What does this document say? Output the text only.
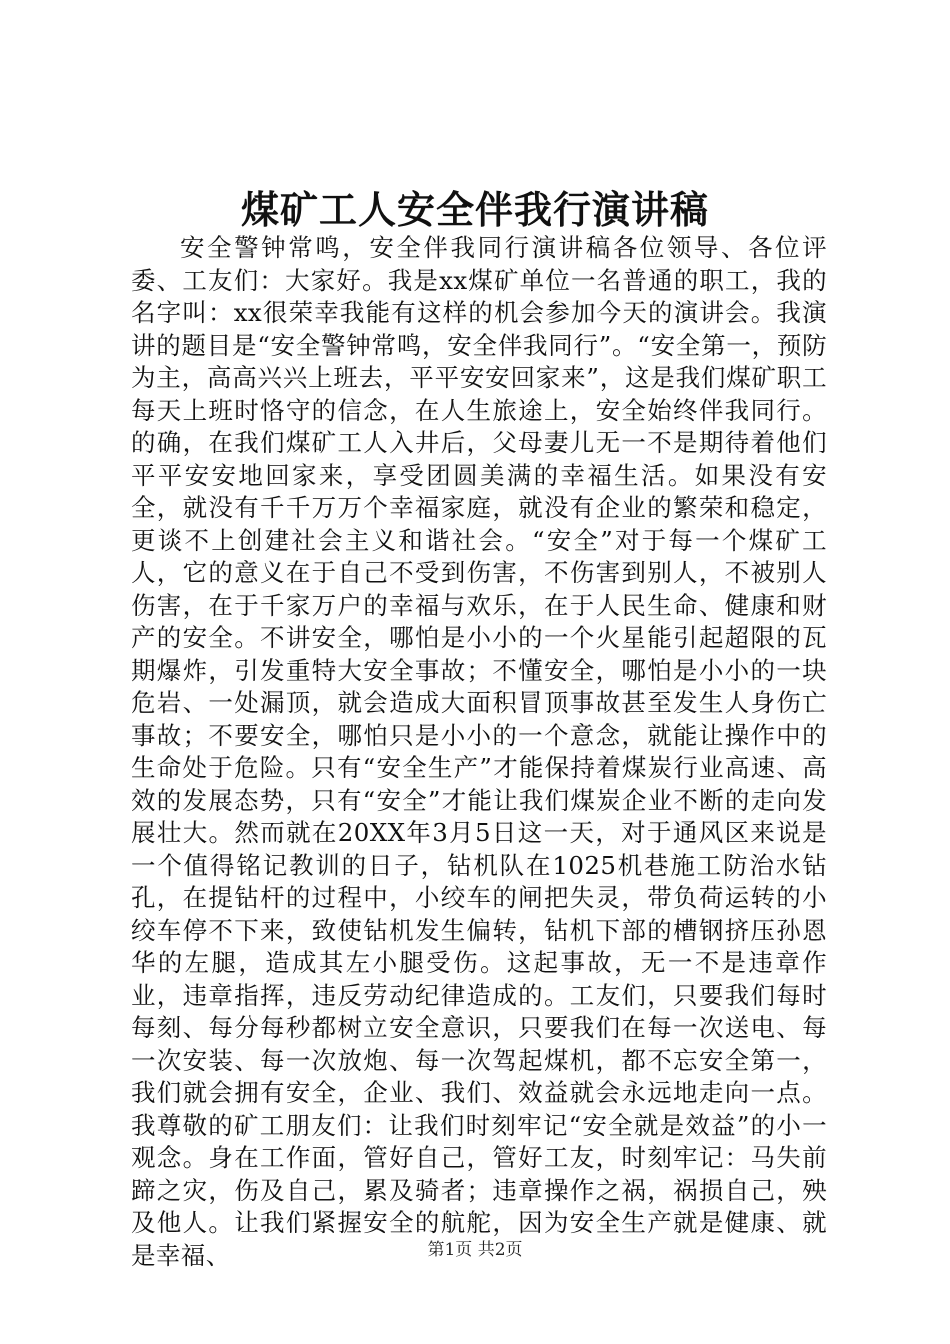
煤矿工人安全伴我行演讲稿

安全警钟常鸣，安全伴我同行演讲稿各位领导、各位评委、工友们：大家好。我是xx煤矿单位一名普通的职工，我的名字叫：xx很荣幸我能有这样的机会参加今天的演讲会。我演讲的题目是“安全警钟常鸣，安全伴我同行”。“安全第一，预防为主，高高兴兴上班去，平平安安回家来”，这是我们煤矿职工每天上班时恪守的信念，在人生旅途上，安全始终伴我同行。的确，在我们煤矿工人入井后，父母妻儿无一不是期待着他们平平安安地回家来，享受团圆美满的幸福生活。如果没有安全，就没有千千万万个幸福家庭，就没有企业的繁荣和稳定，更谈不上创建社会主义和谐社会。“安全”对于每一个煤矿工人，它的意义在于自己不受到伤害，不伤害到别人，不被别人伤害，在于千家万户的幸福与欢乐，在于人民生命、健康和财产的安全。不讲安全，哪怕是小小的一个火星能引起超限的瓦期爆炸，引发重特大安全事故；不懂安全，哪怕是小小的一块危岩、一处漏顶，就会造成大面积冒顶事故甚至发生人身伤亡事故；不要安全，哪怕只是小小的一个意念，就能让操作中的生命处于危险。只有“安全生产”才能保持着煤炭行业高速、高效的发展态势，只有“安全”才能让我们煤炭企业不断的走向发展壮大。然而就在20XX年3月5日这一天，对于通风区来说是一个值得铭记教训的日子，钻机队在1025机巷施工防治水钻孔，在提钻杆的过程中，小绞车的闸把失灵，带负荷运转的小绞车停不下来，致使钻机发生偏转，钻机下部的槽钢挤压孙恩华的左腿，造成其左小腿受伤。这起事故，无一不是违章作业，违章指挥，违反劳动纪律造成的。工友们，只要我们每时每刻、每分每秒都树立安全意识，只要我们在每一次送电、每一次安装、每一次放炮、每一次驾起煤机，都不忘安全第一，我们就会拥有安全，企业、我们、效益就会永远地走向一点。我尊敬的矿工朋友们：让我们时刻牢记“安全就是效益”的小一观念。身在工作面，管好自己，管好工友，时刻牢记：马失前蹄之灾，伤及自己，累及骑者；违章操作之祸，祸损自己，殃及他人。让我们紧握安全的航舵，因为安全生产就是健康、就是幸福、	第1页 共2页
